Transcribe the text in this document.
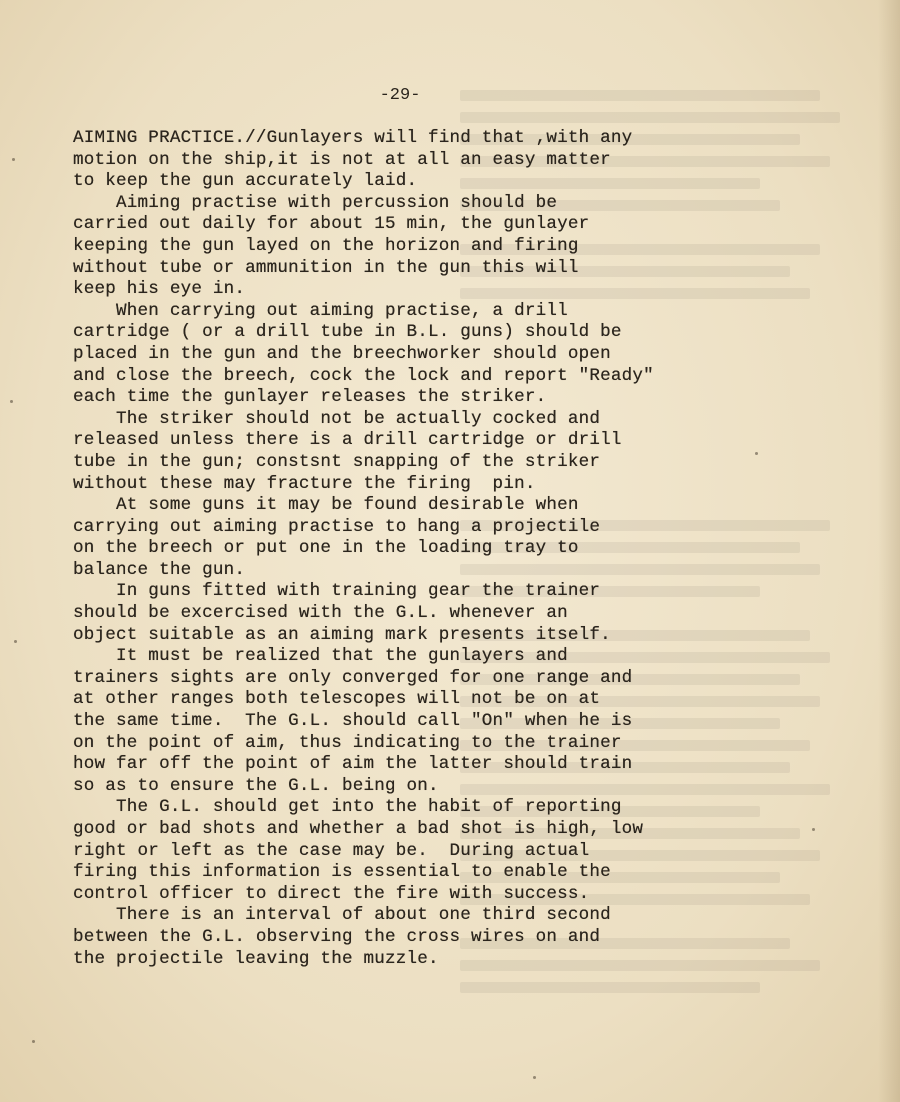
-29-
AIMING PRACTICE.//Gunlayers will find that ,with any
motion on the ship,it is not at all an easy matter
to keep the gun accurately laid.
Aiming practise with percussion should be
carried out daily for about 15 min, the gunlayer
keeping the gun layed on the horizon and firing
without tube or ammunition in the gun this will
keep his eye in.
When carrying out aiming practise, a drill
cartridge ( or a drill tube in B.L. guns) should be
placed in the gun and the breechworker should open
and close the breech, cock the lock and report "Ready"
each time the gunlayer releases the striker.
The striker should not be actually cocked and
released unless there is a drill cartridge or drill
tube in the gun; constsnt snapping of the striker
without these may fracture the firing  pin.
At some guns it may be found desirable when
carrying out aiming practise to hang a projectile
on the breech or put one in the loading tray to
balance the gun.
In guns fitted with training gear the trainer
should be excercised with the G.L. whenever an
object suitable as an aiming mark presents itself.
It must be realized that the gunlayers and
trainers sights are only converged for one range and
at other ranges both telescopes will not be on at
the same time.  The G.L. should call "On" when he is
on the point of aim, thus indicating to the trainer
how far off the point of aim the latter should train
so as to ensure the G.L. being on.
The G.L. should get into the habit of reporting
good or bad shots and whether a bad shot is high, low
right or left as the case may be.  During actual
firing this information is essential to enable the
control officer to direct the fire with success.
There is an interval of about one third second
between the G.L. observing the cross wires on and
the projectile leaving the muzzle.
